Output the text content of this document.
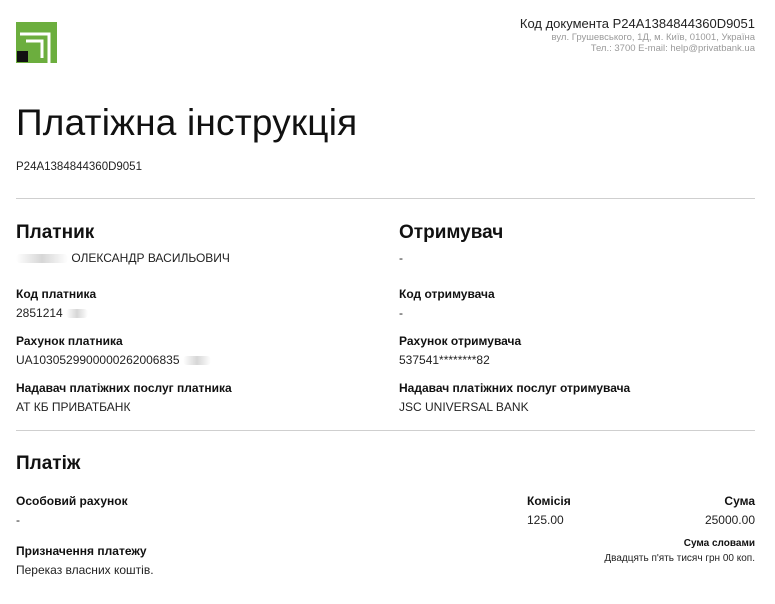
Код документа P24A1384844360D9051
вул. Грушевського, 1Д, м. Київ, 01001, Україна
Тел.: 3700 E-mail: help@privatbank.ua
Платіжна інструкція
P24A1384844360D9051
Платник
ОЛЕКСАНДР ВАСИЛЬОВИЧ
Код платника
2851214
Рахунок платника
UA1030529900000262006835
Надавач платіжних послуг платника
АТ КБ ПРИВАТБАНК
Отримувач
-
Код отримувача
-
Рахунок отримувача
537541********82
Надавач платіжних послуг отримувача
JSC UNIVERSAL BANK
Платіж
Особовий рахунок
-
Призначення платежу
Переказ власних коштів.
Комісія
125.00
Сума
25000.00
Сума словами
Двадцять п'ять тисяч грн 00 коп.
